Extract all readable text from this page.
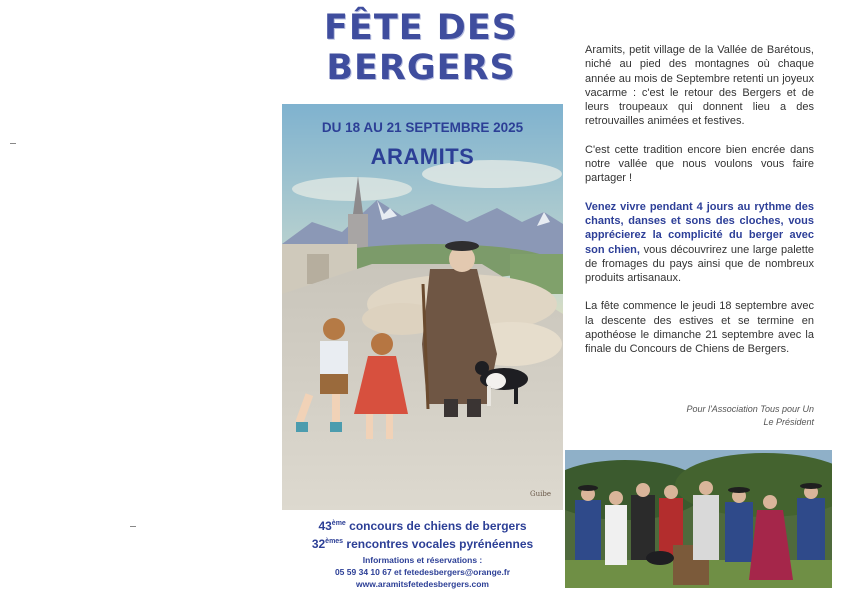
FÊTE DES
BERGERS
Guibe
DU 18 AU 21 SEPTEMBRE 2025
ARAMITS
43ème concours de chiens de bergers
32èmes rencontres vocales pyrénéennes
Informations et réservations :
05 59 34 10 67 et fetedesbergers@orange.fr
www.aramitsfetedesbergers.com

Aramits, petit village de la Vallée de Barétous, niché au pied des montagnes où chaque année au mois de Septembre retenti un joyeux vacarme : c'est le retour des Bergers et de leurs troupeaux qui donnent lieu a des retrouvailles animées et festives.

C'est cette tradition encore bien encrée dans notre vallée que nous voulons vous faire partager !

Venez vivre pendant 4 jours au rythme des chants, danses et sons des cloches, vous apprécierez la complicité du berger avec son chien, vous découvrirez une large palette de fromages du pays ainsi que de nombreux produits artisanaux.

La fête commence le jeudi 18 septembre avec la descente des estives et se termine en apothéose le dimanche 21 septembre avec la finale du Concours de Chiens de Bergers.

Pour l'Association Tous pour Un
Le Président
